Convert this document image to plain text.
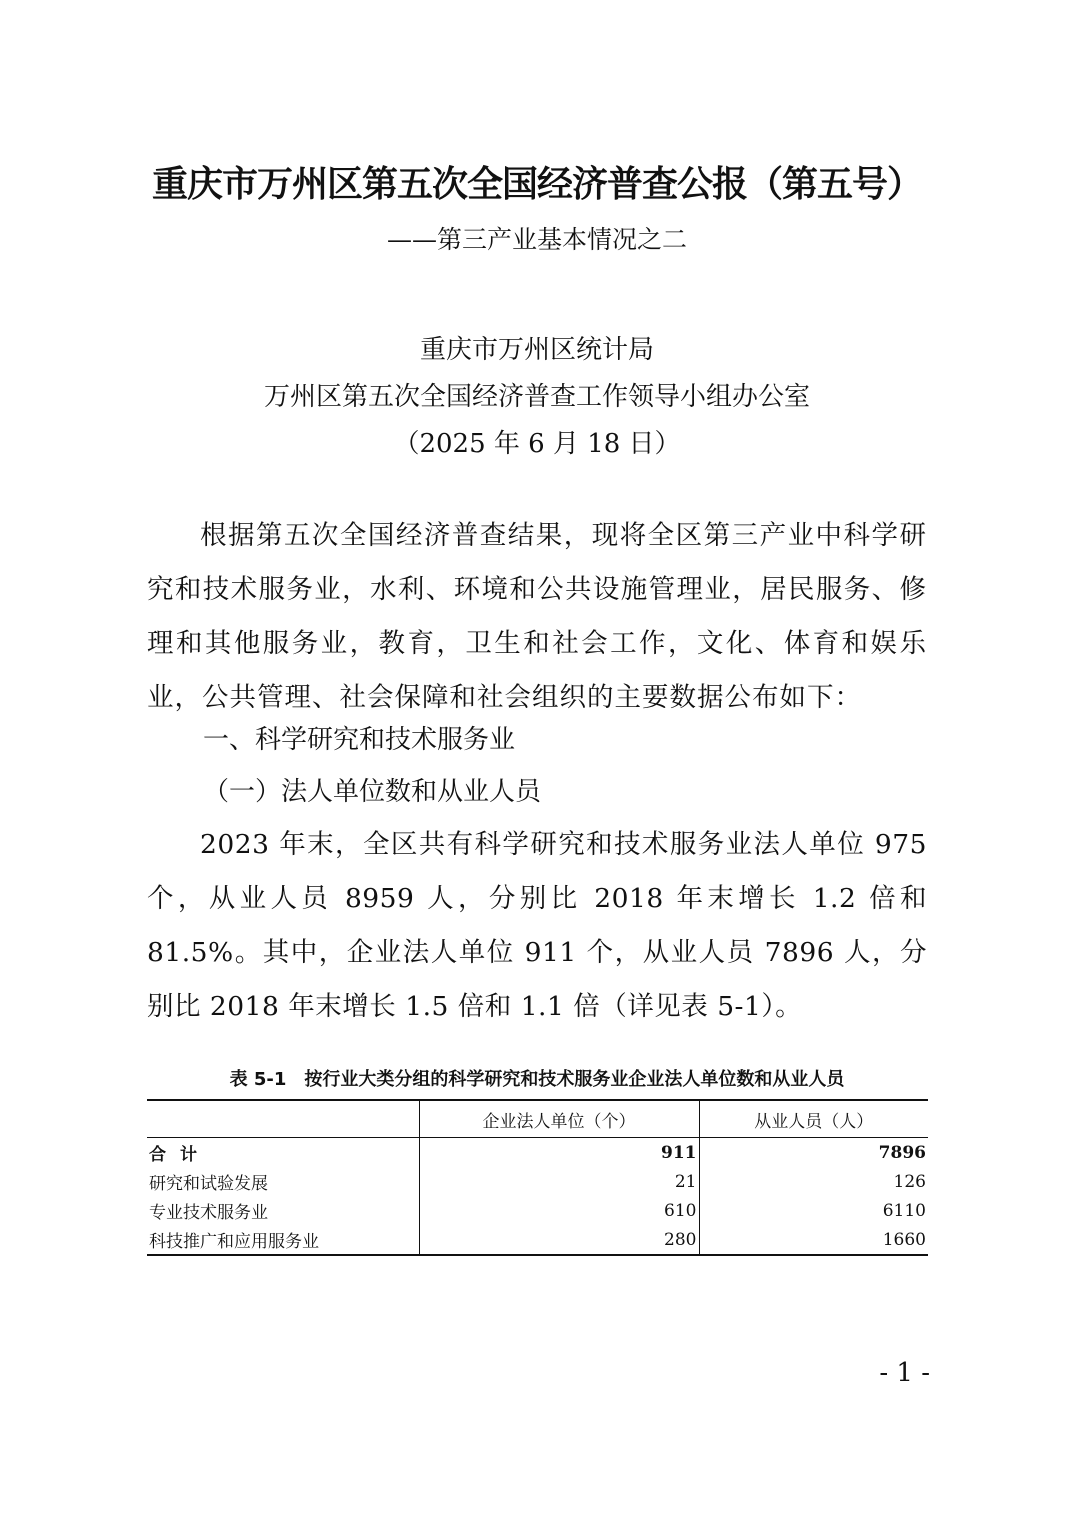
重庆市万州区第五次全国经济普查公报（第五号）
——第三产业基本情况之二
重庆市万州区统计局
万州区第五次全国经济普查工作领导小组办公室
（2025 年 6 月 18 日）

根据第五次全国经济普查结果，现将全区第三产业中科学研究和技术服务业，水利、环境和公共设施管理业，居民服务、修理和其他服务业，教育，卫生和社会工作，文化、体育和娱乐业，公共管理、社会保障和社会组织的主要数据公布如下：

一、科学研究和技术服务业
（一）法人单位数和从业人员

2023 年末，全区共有科学研究和技术服务业法人单位 975 个，从业人员 8959 人，分别比 2018 年末增长 1.2 倍和 81.5%。其中，企业法人单位 911 个，从业人员 7896 人，分别比 2018 年末增长 1.5 倍和 1.1 倍（详见表 5-1）。

表 5-1　按行业大类分组的科学研究和技术服务业企业法人单位数和从业人员
	企业法人单位（个）	从业人员（人）
合计	911	7896
研究和试验发展	21	126
专业技术服务业	610	6110
科技推广和应用服务业	280	1660
- 1 -
